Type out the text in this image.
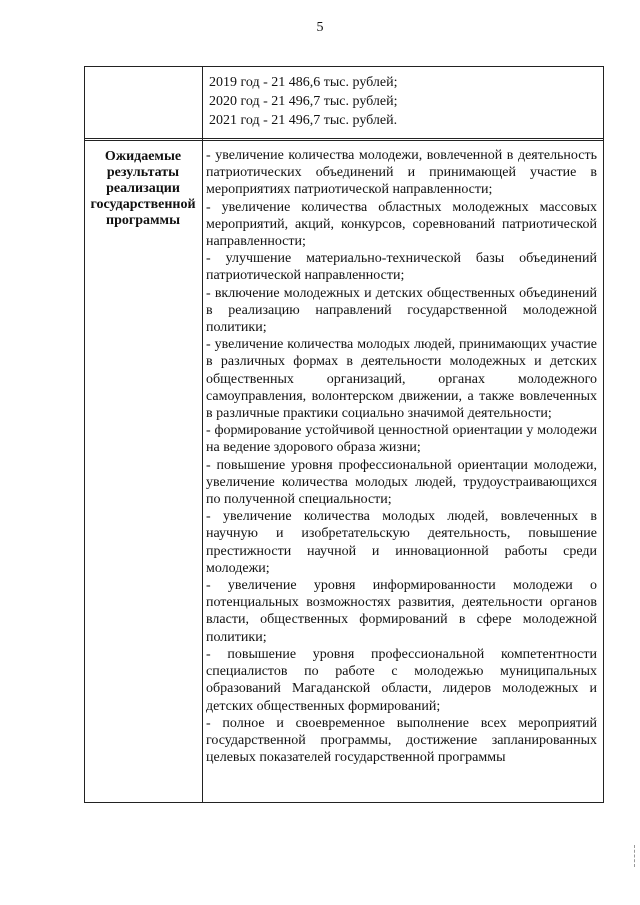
5
2019 год - 21 486,6 тыс. рублей;
2020 год - 21 496,7 тыс. рублей;
2021 год - 21 496,7 тыс. рублей.
Ожидаемые результаты реализации государственной программы

- увеличение количества молодежи, вовлеченной в деятельность патриотических объединений и принимающей участие в мероприятиях патриотической направленности;

- увеличение количества областных молодежных массовых мероприятий, акций, конкурсов, соревнований патриотической направленности;

- улучшение материально-технической базы объединений патриотической направленности;

- включение молодежных и детских общественных объединений в реализацию направлений государственной молодежной политики;

- увеличение количества молодых людей, принимающих участие в различных формах в деятельности молодежных и детских общественных организаций, органах молодежного самоуправления, волонтерском движении, а также вовлеченных в различные практики социально значимой деятельности;

- формирование устойчивой ценностной ориентации у молодежи на ведение здорового образа жизни;

- повышение уровня профессиональной ориентации молодежи, увеличение количества молодых людей, трудоустраивающихся по полученной специальности;

- увеличение количества молодых людей, вовлеченных в научную и изобретательскую деятельность, повышение престижности научной и инновационной работы среди молодежи;

- увеличение уровня информированности молодежи о потенциальных возможностях развития, деятельности органов власти, общественных формирований в сфере молодежной политики;

- повышение уровня профессиональной компетентности специалистов по работе с молодежью муниципальных образований Магаданской области, лидеров молодежных и детских общественных формирований;

- полное и своевременное выполнение всех мероприятий государственной программы, достижение запланированных целевых показателей государственной программы
